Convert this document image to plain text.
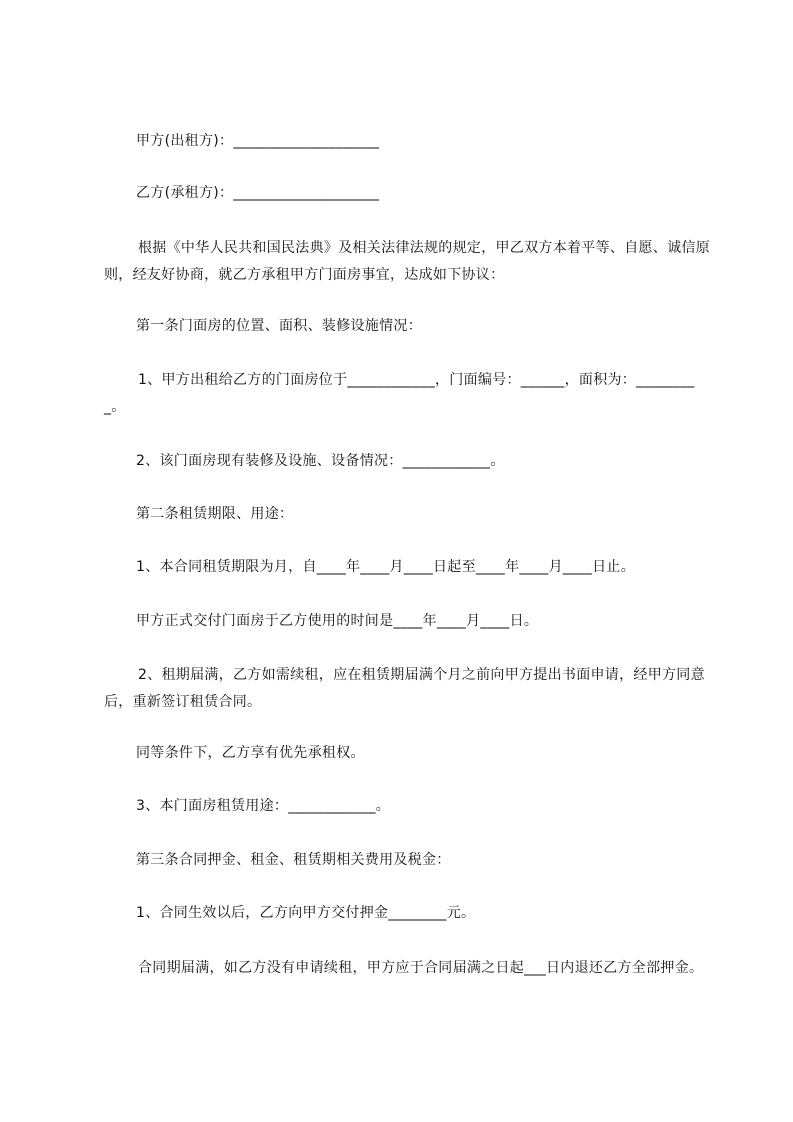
甲方(出租方)：____________________

乙方(承租方)：____________________

根据《中华人民共和国民法典》及相关法律法规的规定，甲乙双方本着平等、自愿、诚信原则，经友好协商，就乙方承租甲方门面房事宜，达成如下协议：

第一条门面房的位置、面积、装修设施情况：

1、甲方出租给乙方的门面房位于____________，门面编号：______，面积为：_________。

2、该门面房现有装修及设施、设备情况：____________。

第二条租赁期限、用途：

1、本合同租赁期限为月，自____年____月____日起至____年____月____日止。

甲方正式交付门面房于乙方使用的时间是____年____月____日。

2、租期届满，乙方如需续租，应在租赁期届满个月之前向甲方提出书面申请，经甲方同意后，重新签订租赁合同。

同等条件下，乙方享有优先承租权。

3、本门面房租赁用途：____________。

第三条合同押金、租金、租赁期相关费用及税金：

1、合同生效以后，乙方向甲方交付押金________元。

合同期届满，如乙方没有申请续租，甲方应于合同届满之日起___日内退还乙方全部押金。
